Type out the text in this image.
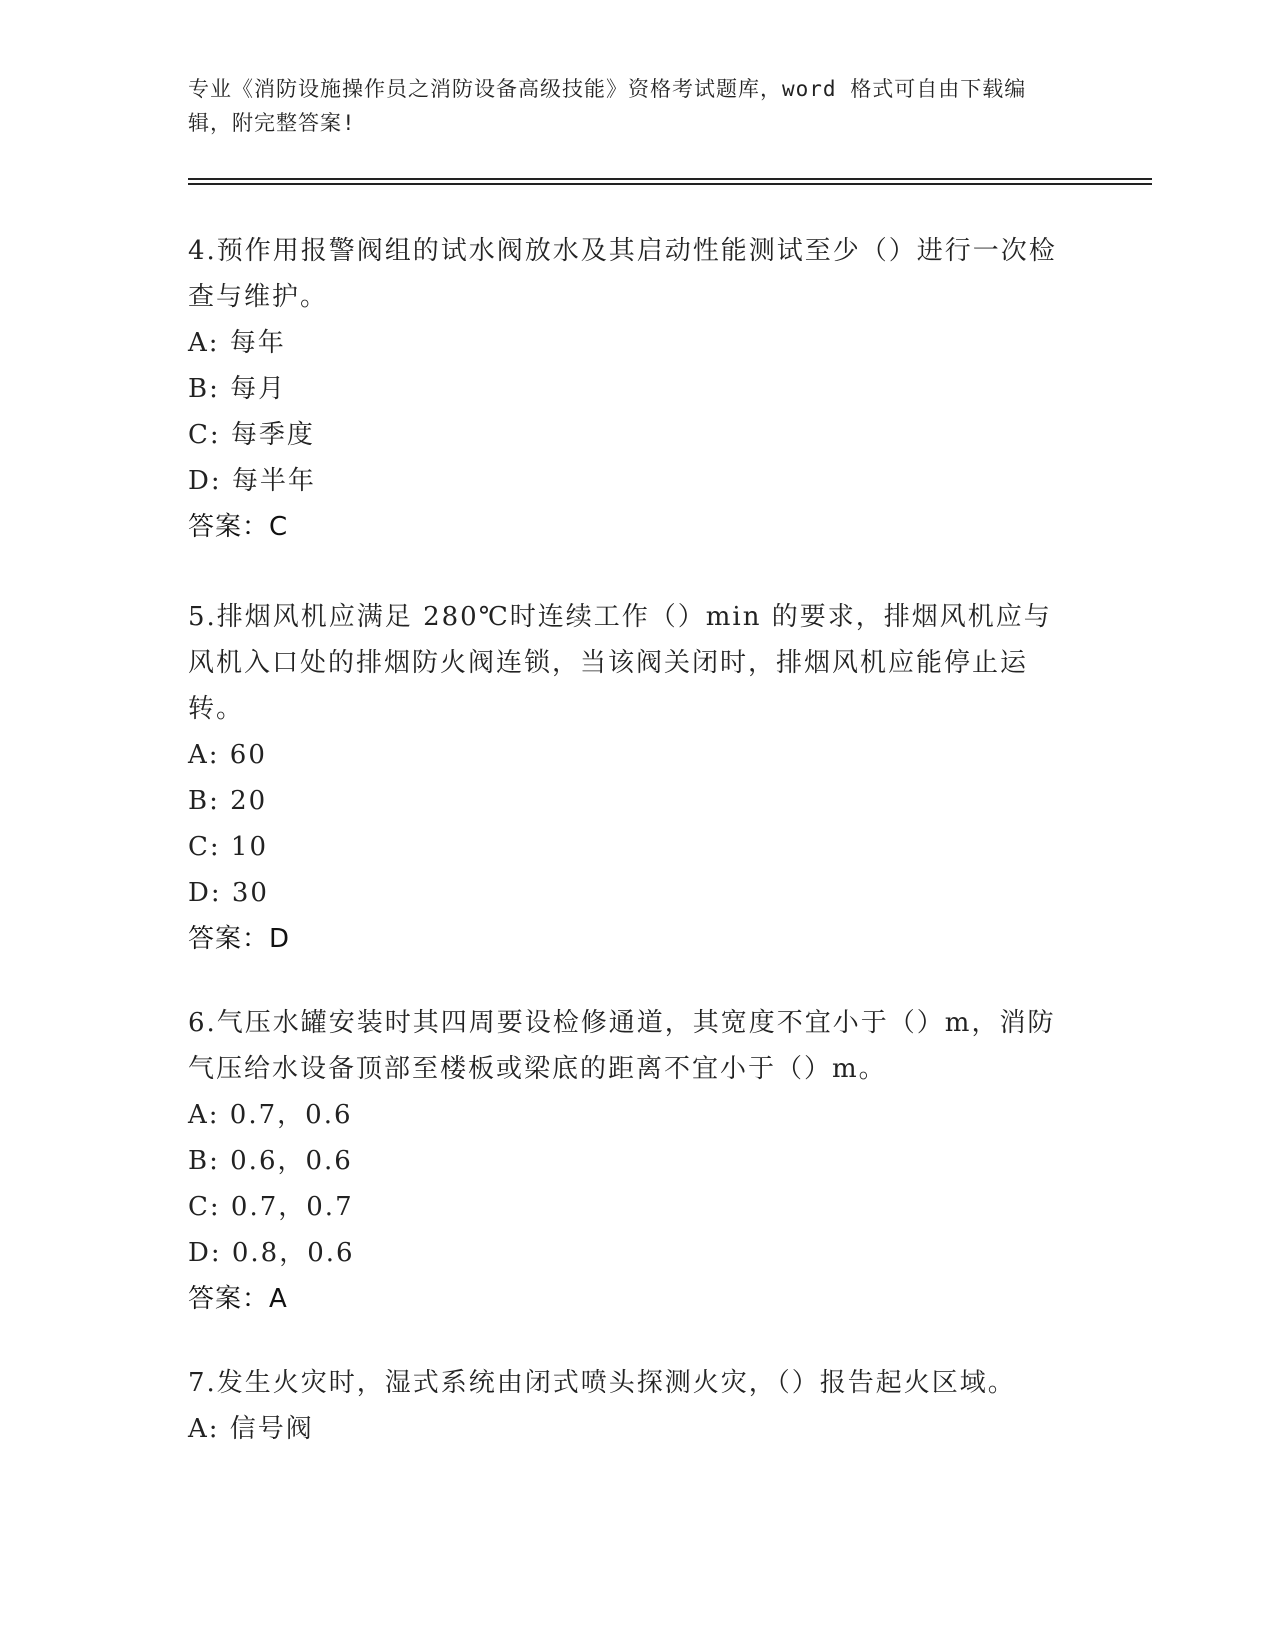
专业《消防设施操作员之消防设备高级技能》资格考试题库，word 格式可自由下载编辑，附完整答案!

4.预作用报警阀组的试水阀放水及其启动性能测试至少（）进行一次检查与维护。

A: 每年

B: 每月

C: 每季度

D: 每半年

答案：C

5.排烟风机应满足 280℃时连续工作（）min 的要求，排烟风机应与风机入口处的排烟防火阀连锁，当该阀关闭时，排烟风机应能停止运转。

A: 60

B: 20

C: 10

D: 30

答案：D

6.气压水罐安装时其四周要设检修通道，其宽度不宜小于（）m，消防气压给水设备顶部至楼板或梁底的距离不宜小于（）m。

A: 0.7，0.6

B: 0.6，0.6

C: 0.7，0.7

D: 0.8，0.6

答案：A

7.发生火灾时，湿式系统由闭式喷头探测火灾，（）报告起火区域。

A: 信号阀
